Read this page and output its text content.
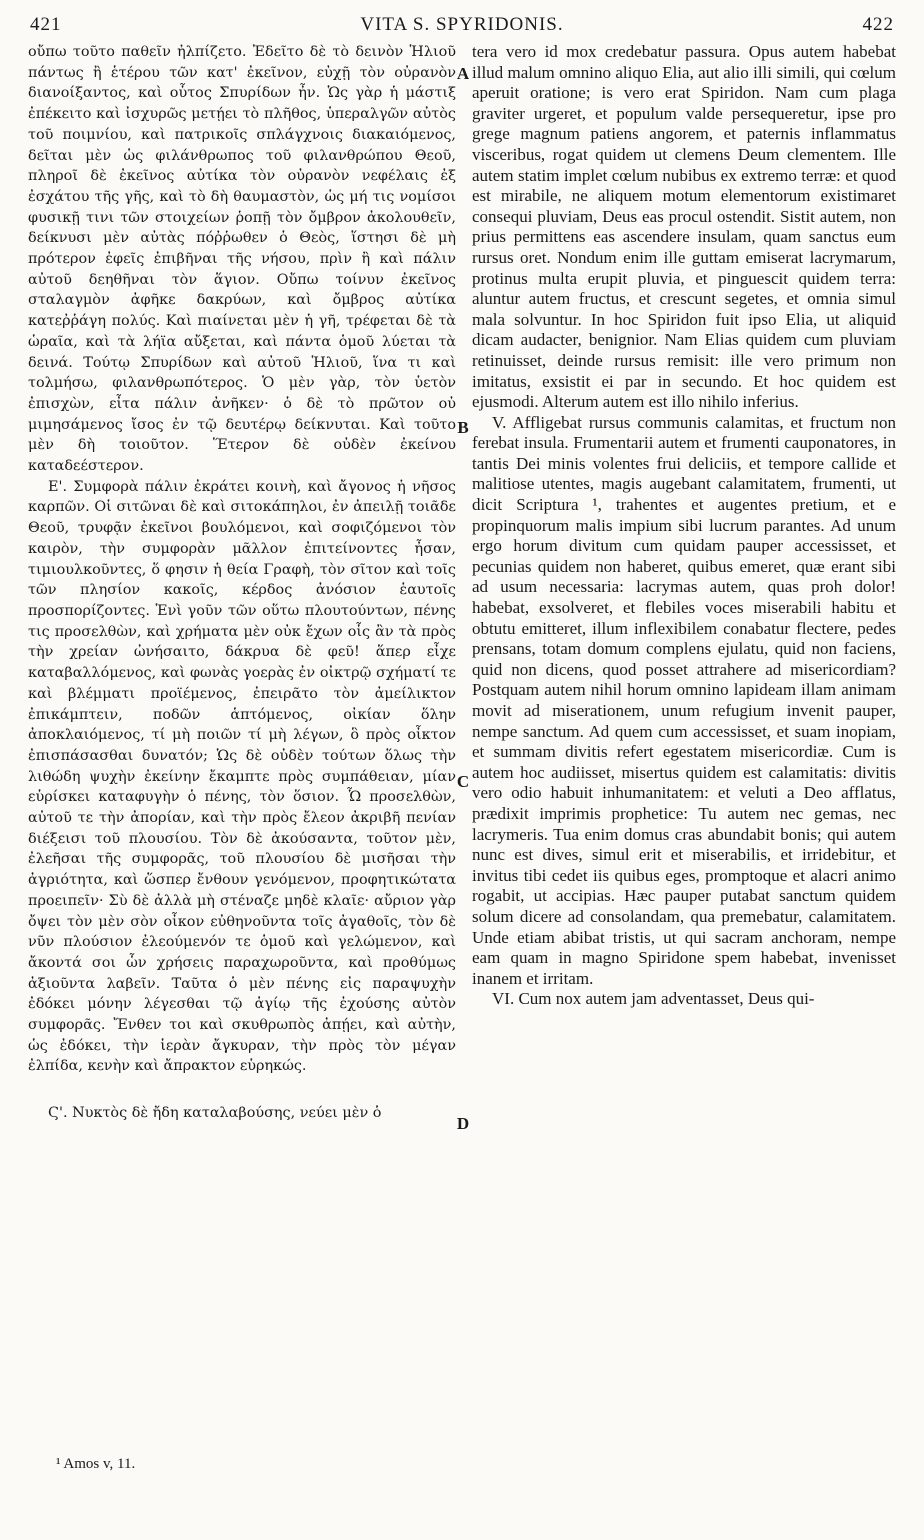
421	VITA S. SPYRIDONIS.	422

οὔπω τοῦτο παθεῖν ἠλπίζετο. Ἐδεῖτο δὲ τὸ δεινὸν Ἡλιοῦ πάντως ἢ ἑτέρου τῶν κατ' ἐκεῖνον, εὐχῇ τὸν οὐρανὸν διανοίξαντος, καὶ οὗτος Σπυρίδων ἦν. Ὡς γὰρ ἡ μάστιξ ἐπέκειτο καὶ ἰσχυρῶς μετῄει τὸ πλῆθος, ὑπεραλγῶν αὐτὸς τοῦ ποιμνίου, καὶ πατρικοῖς σπλάγχνοις διακαιόμενος, δεῖται μὲν ὡς φιλάνθρωπος τοῦ φιλανθρώπου Θεοῦ, πληροῖ δὲ ἐκεῖνος αὐτίκα τὸν οὐρανὸν νεφέλαις ἐξ ἐσχάτου τῆς γῆς, καὶ τὸ δὴ θαυμαστὸν, ὡς μή τις νομίσοι φυσικῇ τινι τῶν στοιχείων ῥοπῇ τὸν ὄμβρον ἀκολουθεῖν, δείκνυσι μὲν αὐτὰς πόῤῥωθεν ὁ Θεὸς, ἵστησι δὲ μὴ πρότερον ἐφεῖς ἐπιβῆναι τῆς νήσου, πρὶν ἢ καὶ πάλιν αὐτοῦ δεηθῆναι τὸν ἅγιον. Οὔπω τοίνυν ἐκεῖνος σταλαγμὸν ἀφῆκε δακρύων, καὶ ὄμβρος αὐτίκα κατεῤῥάγη πολύς. Καὶ πιαίνεται μὲν ἡ γῆ, τρέφεται δὲ τὰ ὡραῖα, καὶ τὰ λήϊα αὔξεται, καὶ πάντα ὁμοῦ λύεται τὰ δεινά. Τούτῳ Σπυρίδων καὶ αὐτοῦ Ἡλιοῦ, ἵνα τι καὶ τολμήσω, φιλανθρωπότερος. Ὁ μὲν γὰρ, τὸν ὑετὸν ἐπισχὼν, εἶτα πάλιν ἀνῆκεν· ὁ δὲ τὸ πρῶτον οὐ μιμησάμενος ἴσος ἐν τῷ δευτέρῳ δείκνυται. Καὶ τοῦτο μὲν δὴ τοιοῦτον. Ἕτερον δὲ οὐδὲν ἐκείνου καταδεέστερον.

Ε'. Συμφορὰ πάλιν ἐκράτει κοινὴ, καὶ ἄγονος ἡ νῆσος καρπῶν. Οἱ σιτῶναι δὲ καὶ σιτοκάπηλοι, ἐν ἀπειλῇ τοιᾶδε Θεοῦ, τρυφᾷν ἐκεῖνοι βουλόμενοι, καὶ σοφιζόμενοι τὸν καιρὸν, τὴν συμφορὰν μᾶλλον ἐπιτείνοντες ἦσαν, τιμιουλκοῦντες, ὅ φησιν ἡ θεία Γραφὴ, τὸν σῖτον καὶ τοῖς τῶν πλησίον κακοῖς, κέρδος ἀνόσιον ἑαυτοῖς προσπορίζοντες. Ἑνὶ γοῦν τῶν οὕτω πλουτούντων, πένης τις προσελθὼν, καὶ χρήματα μὲν οὐκ ἔχων οἷς ἂν τὰ πρὸς τὴν χρείαν ὠνήσαιτο, δάκρυα δὲ φεῦ! ἅπερ εἶχε καταβαλλόμενος, καὶ φωνὰς γοερὰς ἐν οἰκτρῷ σχήματί τε καὶ βλέμματι προϊέμενος, ἐπειρᾶτο τὸν ἀμείλικτον ἐπικάμπτειν, ποδῶν ἁπτόμενος, οἰκίαν ὅλην ἀποκλαιόμενος, τί μὴ ποιῶν τί μὴ λέγων, ὃ πρὸς οἶκτον ἐπισπάσασθαι δυνατόν; Ὡς δὲ οὐδὲν τούτων ὅλως τὴν λιθώδη ψυχὴν ἐκείνην ἔκαμπτε πρὸς συμπάθειαν, μίαν εὑρίσκει καταφυγὴν ὁ πένης, τὸν ὅσιον. Ὧ προσελθὼν, αὐτοῦ τε τὴν ἀπορίαν, καὶ τὴν πρὸς ἔλεον ἀκριβῆ πενίαν διέξεισι τοῦ πλουσίου. Τὸν δὲ ἀκούσαντα, τοῦτον μὲν, ἐλεῆσαι τῆς συμφορᾶς, τοῦ πλουσίου δὲ μισῆσαι τὴν ἀγριότητα, καὶ ὥσπερ ἔνθουν γενόμενον, προφητικώτατα προειπεῖν· Σὺ δὲ ἀλλὰ μὴ στέναζε μηδὲ κλαῖε· αὔριον γὰρ ὄψει τὸν μὲν σὸν οἶκον εὐθηνοῦντα τοῖς ἀγαθοῖς, τὸν δὲ νῦν πλούσιον ἐλεούμενόν τε ὁμοῦ καὶ γελώμενον, καὶ ἄκοντά σοι ὧν χρήσεις παραχωροῦντα, καὶ προθύμως ἀξιοῦντα λαβεῖν. Ταῦτα ὁ μὲν πένης εἰς παραψυχὴν ἐδόκει μόνην λέγεσθαι τῷ ἁγίῳ τῆς ἐχούσης αὐτὸν συμφορᾶς. Ἔνθεν τοι καὶ σκυθρωπὸς ἀπῄει, καὶ αὐτὴν, ὡς ἐδόκει, τὴν ἱερὰν ἄγκυραν, τὴν πρὸς τὸν μέγαν ἐλπίδα, κενὴν καὶ ἄπρακτον εὑρηκώς.

Ϛ'. Νυκτὸς δὲ ἤδη καταλαβούσης, νεύει μὲν ὁ

A
B
C
D

tera vero id mox credebatur passura. Opus autem habebat illud malum omnino aliquo Elia, aut alio illi simili, qui cœlum aperuit oratione; is vero erat Spiridon. Nam cum plaga graviter urgeret, et populum valde persequeretur, ipse pro grege magnum patiens angorem, et paternis inflammatus visceribus, rogat quidem ut clemens Deum clementem. Ille autem statim implet cœlum nubibus ex extremo terræ: et quod est mirabile, ne aliquem motum elementorum existimaret consequi pluviam, Deus eas procul ostendit. Sistit autem, non prius permittens eas ascendere insulam, quam sanctus eum rursus oret. Nondum enim ille guttam emiserat lacrymarum, protinus multa erupit pluvia, et pinguescit quidem terra: aluntur autem fructus, et crescunt segetes, et omnia simul mala solvuntur. In hoc Spiridon fuit ipso Elia, ut aliquid dicam audacter, benignior. Nam Elias quidem cum pluviam retinuisset, deinde rursus remisit: ille vero primum non imitatus, exsistit ei par in secundo. Et hoc quidem est ejusmodi. Alterum autem est illo nihilo inferius.

V. Affligebat rursus communis calamitas, et fructum non ferebat insula. Frumentarii autem et frumenti cauponatores, in tantis Dei minis volentes frui deliciis, et tempore callide et malitiose utentes, magis augebant calamitatem, frumenti, ut dicit Scriptura ¹, trahentes et augentes pretium, et e propinquorum malis impium sibi lucrum parantes. Ad unum ergo horum divitum cum quidam pauper accessisset, et pecunias quidem non haberet, quibus emeret, quæ erant sibi ad usum necessaria: lacrymas autem, quas proh dolor! habebat, exsolveret, et flebiles voces miserabili habitu et obtutu emitteret, illum inflexibilem conabatur flectere, pedes prensans, totam domum complens ejulatu, quid non faciens, quid non dicens, quod posset attrahere ad misericordiam? Postquam autem nihil horum omnino lapideam illam animam movit ad miserationem, unum refugium invenit pauper, nempe sanctum. Ad quem cum accessisset, et suam inopiam, et summam divitis refert egestatem misericordiæ. Cum is autem hoc audiisset, misertus quidem est calamitatis: divitis vero odio habuit inhumanitatem: et veluti a Deo afflatus, prædixit imprimis prophetice: Tu autem nec gemas, nec lacrymeris. Tua enim domus cras abundabit bonis; qui autem nunc est dives, simul erit et miserabilis, et irridebitur, et invitus tibi cedet iis quibus eges, promptoque et alacri animo rogabit, ut accipias. Hæc pauper putabat sanctum quidem solum dicere ad consolandam, qua premebatur, calamitatem. Unde etiam abibat tristis, ut qui sacram anchoram, nempe eam quam in magno Spiridone spem habebat, invenisset inanem et irritam.

VI. Cum nox autem jam adventasset, Deus qui-

¹ Amos v, 11.
